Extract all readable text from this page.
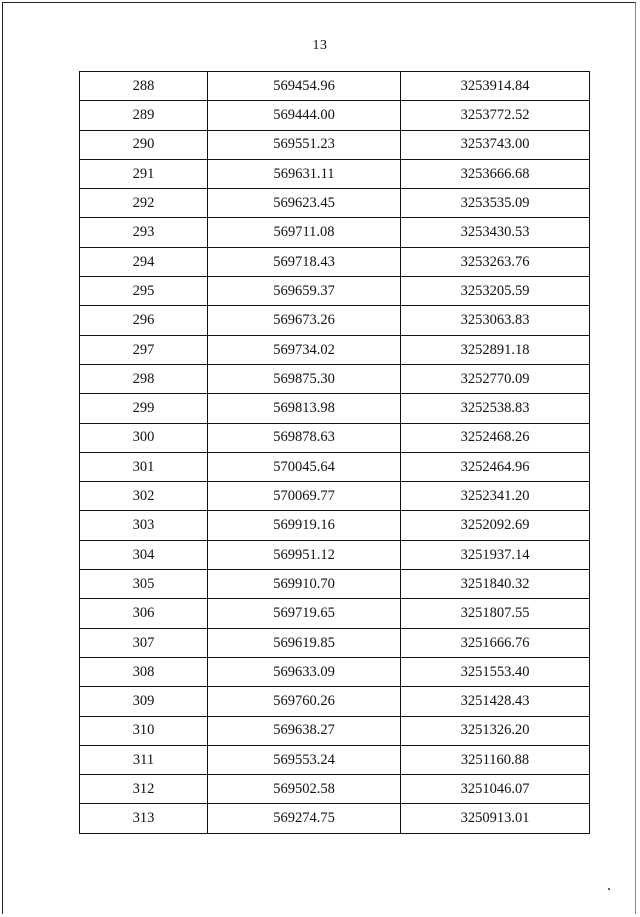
13
288	569454.96	3253914.84
289	569444.00	3253772.52
290	569551.23	3253743.00
291	569631.11	3253666.68
292	569623.45	3253535.09
293	569711.08	3253430.53
294	569718.43	3253263.76
295	569659.37	3253205.59
296	569673.26	3253063.83
297	569734.02	3252891.18
298	569875.30	3252770.09
299	569813.98	3252538.83
300	569878.63	3252468.26
301	570045.64	3252464.96
302	570069.77	3252341.20
303	569919.16	3252092.69
304	569951.12	3251937.14
305	569910.70	3251840.32
306	569719.65	3251807.55
307	569619.85	3251666.76
308	569633.09	3251553.40
309	569760.26	3251428.43
310	569638.27	3251326.20
311	569553.24	3251160.88
312	569502.58	3251046.07
313	569274.75	3250913.01
